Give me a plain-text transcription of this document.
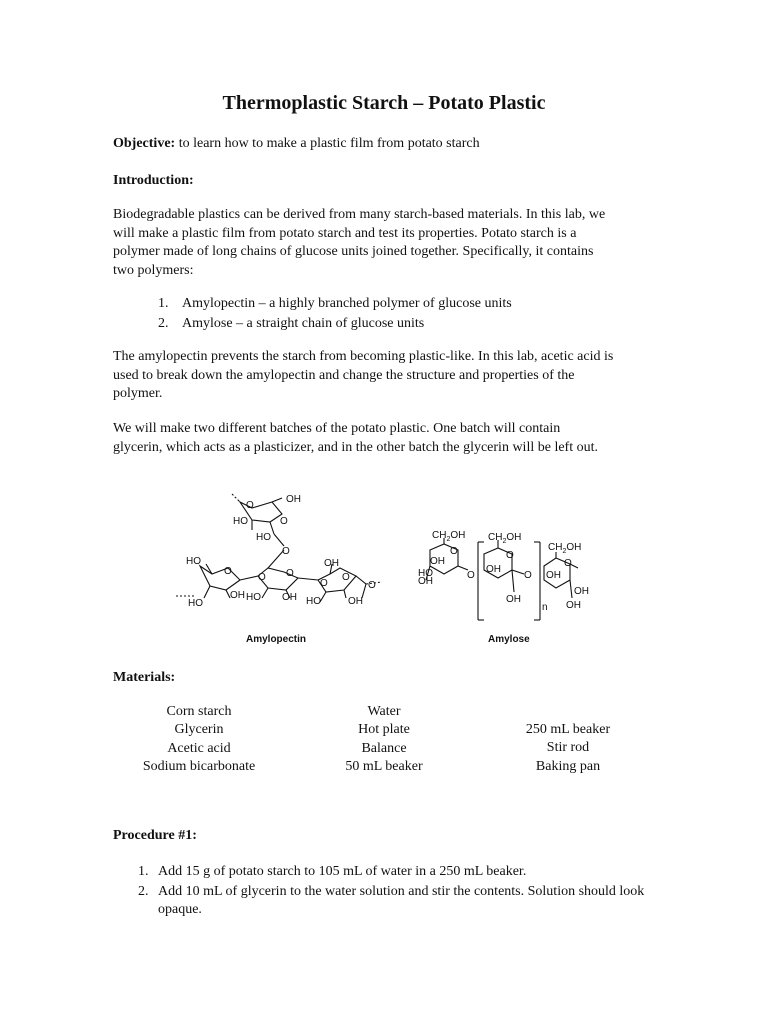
Thermoplastic Starch – Potato Plastic

Objective: to learn how to make a plastic film from potato starch

Introduction:

Biodegradable plastics can be derived from many starch-based materials. In this lab, we
will make a plastic film from potato starch and test its properties. Potato starch is a
polymer made of long chains of glucose units joined together. Specifically, it contains
two polymers:

1. Amylopectin – a highly branched polymer of glucose units
2. Amylose – a straight chain of glucose units

The amylopectin prevents the starch from becoming plastic-like. In this lab, acetic acid is
used to break down the amylopectin and change the structure and properties of the
polymer.

We will make two different batches of the potato plastic. One batch will contain
glycerin, which acts as a plasticizer, and in the other batch the glycerin will be left out.

O
OH
HO	O
HO
O
HO
O
HO
OH HO
O O
OH HO
OH
O
O
OH
O
$CH_2OH$
O
OH
HO
OH
O
$CH_2OH$
O
OH
OH
n
O
$CH_2OH$
O
OH
OH
OH
Amylopectin	Amylose

Materials:

Corn starch
Glycerin
Acetic acid
Sodium bicarbonate
Water
Hot plate
Balance
50 mL beaker
250 mL beaker
Stir rod
Baking pan

Procedure #1:

1. Add 15 g of potato starch to 105 mL of water in a 250 mL beaker.
2. Add 10 mL of glycerin to the water solution and stir the contents. Solution should look opaque.
